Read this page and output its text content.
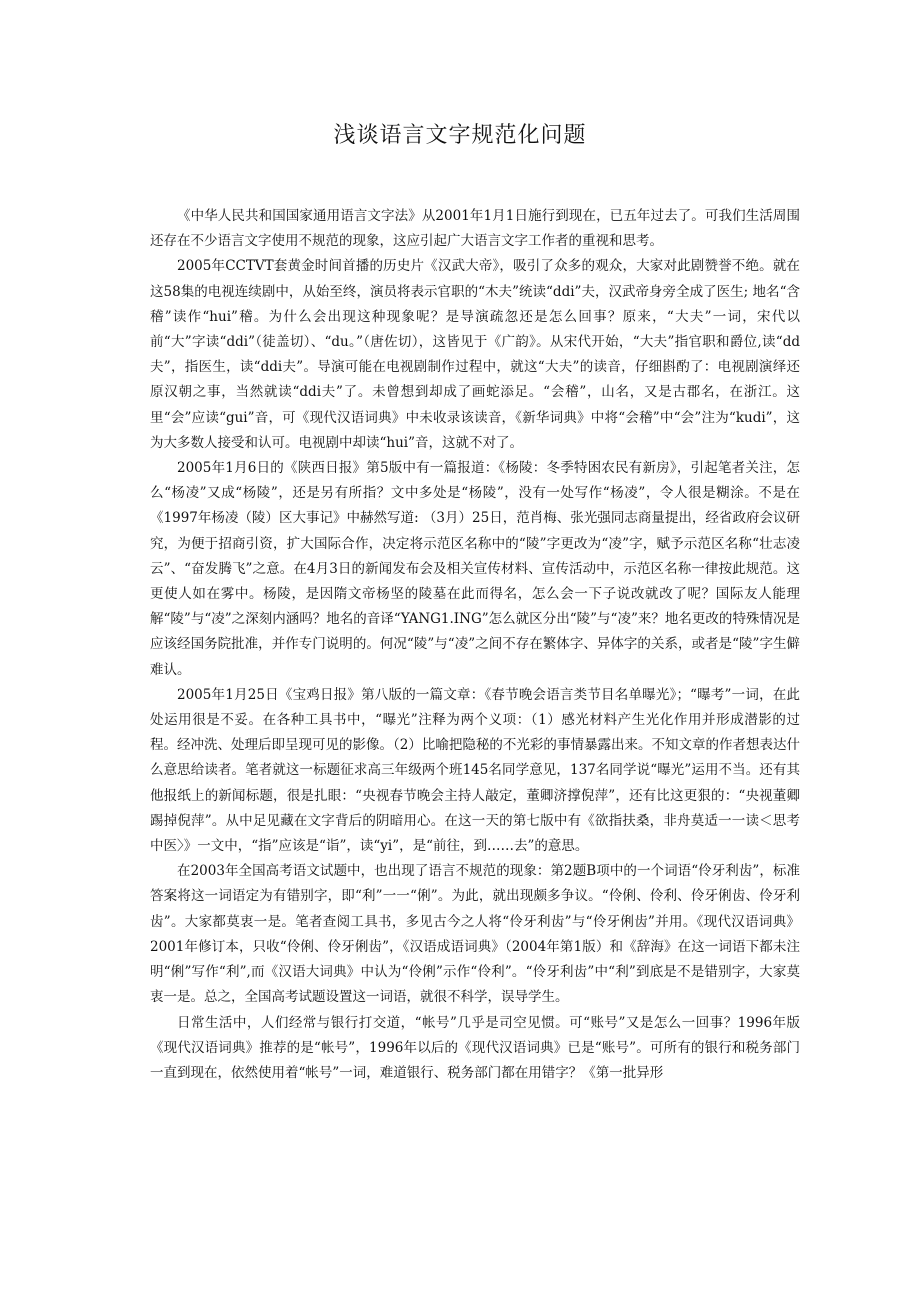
浅谈语言文字规范化问题

《中华人民共和国国家通用语言文字法》从2001年1月1日施行到现在，已五年过去了。可我们生活周围还存在不少语言文字使用不规范的现象，这应引起广大语言文字工作者的重视和思考。

2005年CCTVT套黄金时间首播的历史片《汉武大帝》，吸引了众多的观众，大家对此剧赞誉不绝。就在这58集的电视连续剧中，从始至终，演员将表示官职的“木夫”统读“ddi”夫，汉武帝身旁全成了医生; 地名“含稽”读作“hui”稽。为什么会出现这种现象呢？是导演疏忽还是怎么回事？原来，“大夫”一词，宋代以前“大”字读“ddi”（徒盖切）、“du。”（唐佐切），这皆见于《广韵》。从宋代开始，“大夫”指官职和爵位,读“dd夫”，指医生，读“ddi夫”。导演可能在电视剧制作过程中，就这“大夫”的读音，仔细斟酌了：电视剧演绎还原汉朝之事，当然就读“ddi夫”了。未曾想到却成了画蛇添足。“会稽”，山名，又是古郡名，在浙江。这里“会”应读“gui”音，可《现代汉语词典》中未收录该读音，《新华词典》中将“会稽”中“会”注为“kudi”，这为大多数人接受和认可。电视剧中却读“hui”音，这就不对了。

2005年1月6日的《陕西日报》第5版中有一篇报道：《杨陵：冬季特困农民有新房》，引起笔者关注，怎么“杨凌”又成“杨陵”，还是另有所指？文中多处是“杨陵”，没有一处写作“杨凌”，令人很是糊涂。不是在《1997年杨凌（陵）区大事记》中赫然写道: （3月）25日，范肖梅、张光强同志商量提出，经省政府会议研究，为便于招商引资，扩大国际合作，决定将示范区名称中的“陵”字更改为“凌”字，赋予示范区名称“壮志凌云”、“奋发腾飞”之意。在4月3日的新闻发布会及相关宣传材料、宣传活动中，示范区名称一律按此规范。这更使人如在雾中。杨陵，是因隋文帝杨坚的陵墓在此而得名，怎么会一下子说改就改了呢？国际友人能理解“陵”与“凌”之深刻内涵吗？地名的音译“YANG1.ING”怎么就区分出“陵”与“凌”来？地名更改的特殊情况是应该经国务院批准，并作专门说明的。何况“陵”与“凌”之间不存在繁体字、异体字的关系，或者是“陵”字生僻难认。

2005年1月25日《宝鸡日报》第八版的一篇文章：《春节晚会语言类节目名单曝光》；“曝考”一词，在此处运用很是不妥。在各种工具书中，“曝光”注释为两个义项：（1）感光材料产生光化作用并形成潜影的过程。经冲洗、处理后即呈现可见的影像。（2）比喻把隐秘的不光彩的事情暴露出来。不知文章的作者想表达什么意思给读者。笔者就这一标题征求高三年级两个班145名同学意见，137名同学说“曝光”运用不当。还有其他报纸上的新闻标题，很是扎眼：“央视春节晚会主持人敲定，董卿济撑倪萍”，还有比这更狠的：“央视董卿踢掉倪萍”。从中足见藏在文字背后的阴暗用心。在这一天的第七版中有《欲指扶桑，非舟莫适一一读＜思考中医〉》一文中，“指”应该是“诣”，读“yi”，是“前往，到……去”的意思。

在2003年全国高考语文试题中，也出现了语言不规范的现象：第2题B项中的一个词语“伶牙利齿”，标准答案将这一词语定为有错别字，即“利”一一“俐”。为此，就出现颇多争议。“伶俐、伶利、伶牙俐齿、伶牙利齿”。大家都莫衷一是。笔者查阅工具书，多见古今之人将“伶牙利齿”与“伶牙俐齿”并用。《现代汉语词典》2001年修订本，只收“伶俐、伶牙俐齿”，《汉语成语词典》（2004年第1版）和《辞海》在这一词语下都未注明“俐”写作“利”,而《汉语大词典》中认为“伶俐”示作“伶利”。“伶牙利齿”中“利”到底是不是错别字，大家莫衷一是。总之，全国高考试题设置这一词语，就很不科学，误导学生。

日常生活中，人们经常与银行打交道，“帐号”几乎是司空见惯。可“账号”又是怎么一回事？1996年版《现代汉语词典》推荐的是“帐号”，1996年以后的《现代汉语词典》已是“账号”。可所有的银行和税务部门一直到现在，依然使用着“帐号”一词，难道银行、税务部门都在用错字？《第一批异形
